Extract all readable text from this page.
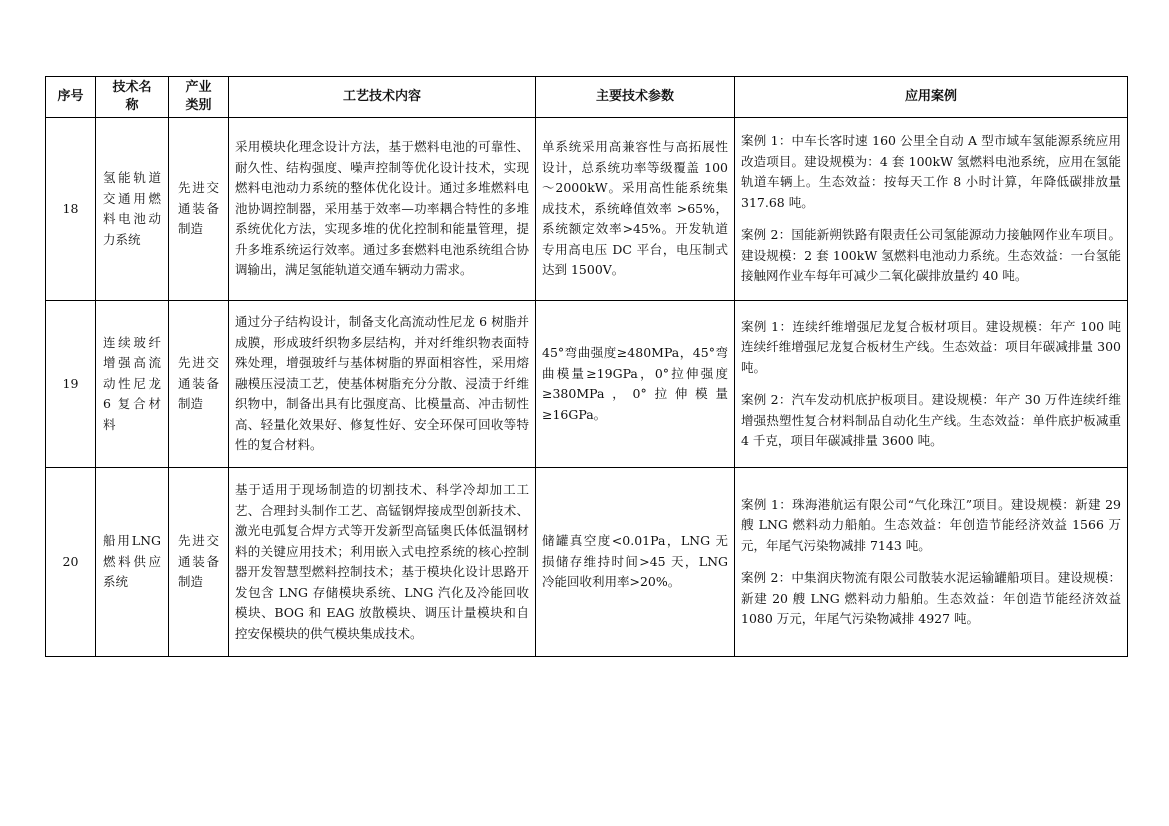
序号	技术名称	产业类别	工艺技术内容	主要技术参数	应用案例
18	氢能轨道交通用燃料电池动力系统	先进交通装备制造	采用模块化理念设计方法，基于燃料电池的可靠性、耐久性、结构强度、噪声控制等优化设计技术，实现燃料电池动力系统的整体优化设计。通过多堆燃料电池协调控制器，采用基于效率—功率耦合特性的多堆系统优化方法，实现多堆的优化控制和能量管理，提升多堆系统运行效率。通过多套燃料电池系统组合协调输出，满足氢能轨道交通车辆动力需求。	单系统采用高兼容性与高拓展性设计，总系统功率等级覆盖 100～2000kW。采用高性能系统集成技术，系统峰值效率 >65%，系统额定效率>45%。开发轨道专用高电压 DC 平台，电压制式达到 1500V。	案例 1：中车长客时速 160 公里全自动 A 型市域车氢能源系统应用改造项目。建设规模为：4 套 100kW 氢燃料电池系统，应用在氢能轨道车辆上。生态效益：按每天工作 8 小时计算，年降低碳排放量 317.68 吨。
案例 2：国能新朔铁路有限责任公司氢能源动力接触网作业车项目。建设规模：2 套 100kW 氢燃料电池动力系统。生态效益：一台氢能接触网作业车每年可减少二氧化碳排放量约 40 吨。

19	连续玻纤增强高流动性尼龙 6 复合材料	先进交通装备制造	通过分子结构设计，制备支化高流动性尼龙 6 树脂并成膜，形成玻纤织物多层结构，并对纤维织物表面特殊处理，增强玻纤与基体树脂的界面相容性，采用熔融模压浸渍工艺，使基体树脂充分分散、浸渍于纤维织物中，制备出具有比强度高、比模量高、冲击韧性高、轻量化效果好、修复性好、安全环保可回收等特性的复合材料。	45°弯曲强度≥480MPa，45°弯曲模量≥19GPa，0°拉伸强度≥380MPa，0°拉伸模量≥16GPa。	案例 1：连续纤维增强尼龙复合板材项目。建设规模：年产 100 吨连续纤维增强尼龙复合板材生产线。生态效益：项目年碳减排量 300 吨。
案例 2：汽车发动机底护板项目。建设规模：年产 30 万件连续纤维增强热塑性复合材料制品自动化生产线。生态效益：单件底护板减重 4 千克，项目年碳减排量 3600 吨。

20	船用LNG燃料供应系统	先进交通装备制造	基于适用于现场制造的切割技术、科学冷却加工工艺、合理封头制作工艺、高锰钢焊接成型创新技术、激光电弧复合焊方式等开发新型高锰奥氏体低温钢材料的关键应用技术；利用嵌入式电控系统的核心控制器开发智慧型燃料控制技术；基于模块化设计思路开发包含 LNG 存储模块系统、LNG 汽化及冷能回收模块、BOG 和 EAG 放散模块、调压计量模块和自控安保模块的供气模块集成技术。	储罐真空度<0.01Pa，LNG 无损储存维持时间>45 天，LNG 冷能回收利用率>20%。	案例 1：珠海港航运有限公司“气化珠江”项目。建设规模：新建 29 艘 LNG 燃料动力船舶。生态效益：年创造节能经济效益 1566 万元，年尾气污染物减排 7143 吨。
案例 2：中集润庆物流有限公司散装水泥运输罐船项目。建设规模：新建 20 艘 LNG 燃料动力船舶。生态效益：年创造节能经济效益 1080 万元，年尾气污染物减排 4927 吨。
